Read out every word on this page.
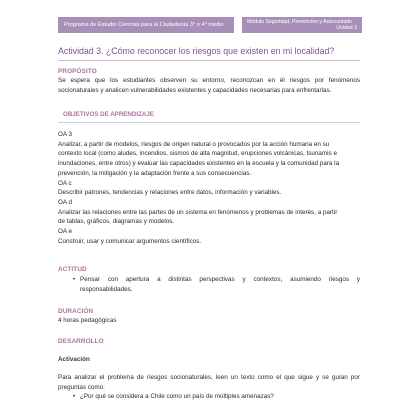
Programa de Estudio Ciencias para la Ciudadanía 3° o 4° medio	Módulo Seguridad, Prevención y Autocuidado
Unidad 3
Actividad 3. ¿Cómo reconocer los riesgos que existen en mi localidad?
PROPÓSITO
Se espera que los estudiantes observen su entorno, reconozcan en él riesgos por fenómenos
socionaturales y analicen vulnerabilidades existentes y capacidades necesarias para enfrentarlas.
OBJETIVOS DE APRENDIZAJE
OA 3
Analizar, a partir de modelos, riesgos de origen natural o provocados por la acción humana en su
contexto local (como aludes, incendios, sismos de alta magnitud, erupciones volcánicas, tsunamis e
inundaciones, entre otros) y evaluar las capacidades existentes en la escuela y la comunidad para la
prevención, la mitigación y la adaptación frente a sus consecuencias.
OA c
Describir patrones, tendencias y relaciones entre datos, información y variables.
OA d
Analizar las relaciones entre las partes de un sistema en fenómenos y problemas de interés, a partir
de tablas, gráficos, diagramas y modelos.
OA e
Construir, usar y comunicar argumentos científicos.
ACTITUD
• Pensar con apertura a distintas perspectivas y contextos, asumiendo riesgos y
responsabilidades.
DURACIÓN
4 horas pedagógicas
DESARROLLO
Activación
Para analizar el problema de riesgos socionaturales, leen un texto como el que sigue y se guían por
preguntas como:
• ¿Por qué se considera a Chile como un país de múltiples amenazas?
